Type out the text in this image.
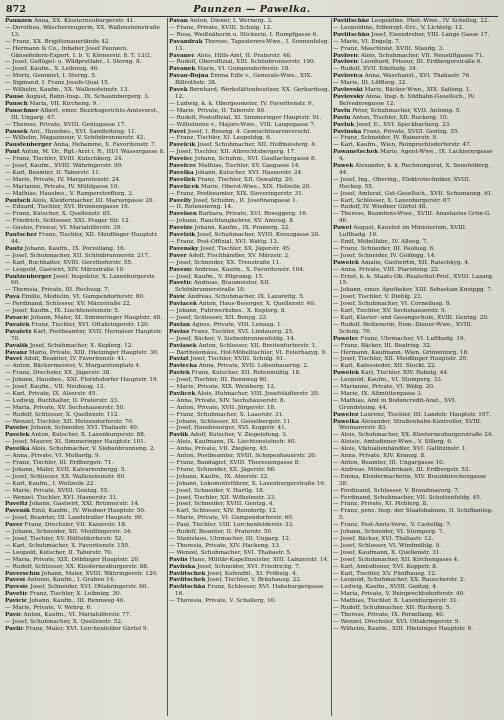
872	Paunzen — Pawelka.
Paunzen Anna, XX. Klosterneuburgerstr. 41.
— Dorothea, Wäscherzeugerin, XX. Wallensteinstraße 13.
— Franz, XX. Brigittenauerlände 42.
— Hermann & Co., Inhaber Josef Paunzen, Gänsefedern-Export, I. b. V. Körnerstr. 8. T. 13/2.
— Josef, Geflügel- u. Wildpretfabr., I. Sterng. 8.
— Josef, Kaufm., X. Leibnizg. 46.
— Moriz, Gemmist, I. Sterng. 5.
— Sigmund, I. Franz Josefs-Quai 15.
— Wilhelm, Kaufm., XX. Wallensteinstr. 13.
Pause August, Bahn-Insp., IX. Schaumburgerg. 3.
Pausch Maria, VII. Kircheng. 9.
Pauschner Albert, emer. Bezirksgerichts-Amtsvorst., III. Ungarg. 47.
— Therese, Private, XVIII. Gentzgasse 17.
Pausek Ant., Hausbes., XVI. Sandleiteng. 11.
— Wilhelm, Magazineur, V. Schönbrunnerstr. 42.
Paustenberger Anna, Hebamme, X. Favoritenstr. 7.
Paut Anton, M. Dr., Rgt.-Arzt i. R., III/1 Wassergasse 8.
— Franz, Tischler, XVIII. Kutschkerg. 24.
— Josef, Kaufm., XVIII. Währingerstr. 90.
— Karl, Beamter, II. Taborstr. 11.
— Marie, Private, IV. Margaretenstr. 24.
— Marianne, Private, IV. Mühlgasse 10.
— Mathias, Hausbes., V. Ramperstorfferg. 3.
Pautsch Alois, Kleidermacher, III. Marxergasse 20.
— Eduard, Tischler, XVI. Brunnengasse 16.
— Franz, Kutscher, X. Quellenstr. 85.
— Friedrich, Schlosser, XXI. Prager Str. 12.
— Gustav, Friseur, VI. Mariahilferstr. 39.
Pautscher Franz, Tischler, XII. Meidlinger Hauptstr. 44.
Pautz Johann, Kaufm., IX. Porzellang. 16.
— Josef, Schuhmacher, XII. Schönbrunnerstr. 217.
— Karl, Buchhalter, XVIII. Gersthoferstr. 55.
— Leopold, Gastwirt, XIV. Märzstraße 10.
Pautzenberger Josef, Inspektor, X. Laxenburgerstr. 60.
— Theresia, Private, III. Rochusg. 7.
Pava Emilie, Modistin, VI. Gumpendorferstr. 80.
— Ferdinand, Schlosser, XV. Märzstraße 22.
— Josef, Kaufm., IX. Liechtensteinstr. 5.
Pavacic Johann, Maler, XI. Simmeringer Hauptstr. 48.
Pavalek Franz, Tischler, XVI. Ottakringerstr. 120.
Pavaletz Karl, Postbeamter, XVII. Hernalser Hauptstr. 70.
Pavalik Josef, Schuhmacher, X. Keplerg. 12.
Pavanz Maria, Private, XIII. Hietzinger Hauptstr. 30.
Pavel Adolf, Beamter, IV. Favoritenstr. 41.
— Anton, Bäckermeister, V. Margaretenplatz 4.
— Franz, Drechsler, XX. Jägerstr. 38.
— Johann, Hausbes., XXI. Floridsdorfer Hauptstr. 19.
— Josef, Kaufm., VII. Neubaug. 12.
— Karl, Private, IX. Alserstr. 45.
— Ludwig, Buchhalter, II. Praterstr. 33.
— Maria, Private, XV. Sechshauserstr. 50.
— Rudolf, Schlosser, X. Quellenstr. 112.
— Wenzel, Tischler, XII. Hetzendorferstr. 70.
Pavelec Johann, Schneider, XVI. Thaliastr. 40.
Pavelek Anton, Kutscher, X. Laxenburgerstr. 88.
— Josef, Maurer, XI. Simmeringer Hauptstr. 101.
Pavelka Alois, Schuhmacher, V. Siebenbrunneng. 2.
— Anna, Private, VI. Mollardg. 9.
— Franz, Tischler, III. Erdbergstr. 71.
— Johann, Maler, XVII. Kalvarienbergg. 5.
— Josef, Schlosser, XX. Wallensteinstr. 60.
— Karl, Kaufm., I. Wollzeile 22.
— Marie, Private, XVIII. Gentzg. 55.
— Wenzel, Tischler, XVI. Hasnerstr. 31.
Paveltz Johann, Gastwirt, XXI. Brünnerstr. 14.
Pavenik Emil, Kaufm., IV. Wiedner Hauptstr. 50.
— Josef, Beamter, III. Landstraßer Hauptstr. 99.
Paver Franz, Drechsler, VII. Kaiserstr. 18.
— Johann, Schneider, XII. Meidlingerstr. 34.
— Josef, Tischler, XV. Hütteldorferstr. 52.
— Karl, Schuhmacher, X. Favoritenstr. 150.
— Leopold, Kutscher, II. Taborstr. 70.
— Maria, Private, XIX. Döblinger Hauptstr. 20.
— Rudolf, Schlosser, XX. Klosterneuburgerstr. 88.
Paverschin Johann, Maler, XVIII. Währingerstr. 120.
Pavesi Antonio, Kaufm., I. Graben 14.
Pavesic Josef, Schneider, XVI. Ottakringerstr. 60.
Pavetic Franz, Tischler, X. Leibnizg. 30.
Pavicic Johann, Kaufm., III. Rennweg 40.
— Marie, Private, V. Wehrg. 6.
Pavic Anton, Kaufm., VI. Mariahilferstr. 77.
— Josef, Schuhmacher, X. Quellenstr. 52.
Pavlic Franz, Maler, XVI. Lerchenfelder Gürtel 9.
Pavan Anton, Diener, I. Wernerg. 3.
— Franz, Private, XVIII. Schulg. 12.
— Rosa, Weißnäherin u. Stickerin, I. Rumpfgasse 6.
Pavandrak Therese, Tapezierers-Wwe., I. Sonnenfelsg. 13.
Pavanec Alois, Hilfs-Amt, II. Praterstr. 46.
— Rudolf, Oberoffizial, XIII. Schönbrunnerstr. 190.
Pavanek Marie, VI. Gumpendorferstr. 18.
Pavao-Bojna Emma Edle v., Generals-Wwe., XIX. Billrothstr. 38.
Pavek Bernhard, Werkstättenbesitzer, XX. Gerhardusg. 12.
— Ludwig, k. k. Obergeometer, IV. Favoritenstr. 9.
— Marie, Private, II. Taborstr. 80.
— Rudolf, Postoffizial, XI. Simmeringer Hauptstr. 91.
— Wilhelmine v., Majors-Wwe., VIII. Langegasse 7.
Pavel Josef, I. Roseng. 4. Gemischtwarenverschl.
— Franz, Tischler, XI. Leopoldsg. 6.
Pavelcik Josef, Schuhmacher, XII. Hoffmeisterg. 4.
— Josef, Tischler, XII. Albrechtsbergerg. 17.
Pavelec Johann, Schuhm., XVI. Gaullachergasse 8.
Pavelcec Mathias, Tischler, XV. Gasgasse 14.
Pavelka Johann, Kutscher, XVI. Hasnerstr. 24.
Pavellek Franz, Tischler, XII. Oswaldg. 20.
Pavelicek Marie, Oberst-Wwe., XIX. Hofzeile 20.
— Franz, Postbeamter, XIX. Sieveringerstr. 31.
Pavelly Josef, Schuhm., II. Josefinengasse 1.
— II. Rotensterng. 14.
Pavelsen Barbara, Private, XVI. Roseggerg. 16.
— Johann, Rauchfangkehrer, XV. Ameisg. 8.
Pavelze Johann, Kaufm., IX. Pramerg. 22.
Pavelzik Josef, Schuhmacher, XVIII. Kreuzgasse 20.
— Franz, Post-Offizial, XVI. Wattg. 12.
Pavensky Josef, Tischler, XX. Jägerstr. 45.
Paver Adolf, Fischhändler, XV. Märzstr. 2.
— Josef, Schneider, XX. Treustraße 11.
Pavesic Andreas, Kaufm., X. Favoritenstr. 104.
— Josef, Kaufm., V. Pilgramg. 15.
Pavetic Andreas, Braumeister, XII. Schönbrunnerstraße 10.
Pavic Andreas, Schuhmacher, IX. Lazarettg. 5.
Pavlacek Anton, Haus-Besorger, X. Quellenstr. 40.
— Johann, Fuhrwerksbes., X. Keplerg. 8.
— Josef, Schlosser, XII. Bonyg. 22.
Pavlan Agnes, Private, VIII. Lenaug. 1.
Pavlas Franz, Tischler, XVI. Lindauerg. 25.
— Josef, Bäcker, V. Siebenbrunnenfeldg. 14.
Pavlasek Anton, Schlosser, XII. Breitenfurterstr. 1.
— Bartholomäus, Hof-Möbeltischler, VI. Esterházyg. 9.
Pavlat Josef, Tischler, XVIII. Schulg. 61.
Pavlecka Anna, Private, XVII. Lobenhauerng. 2.
Pavlek Franz, Kutscher, XII. Rotenmühlg. 18.
— Josef, Tischler, III. Rennweg 80.
— Marie, Private, XIX. Weinberg. 12.
Pavlicek Alois, Hutmacher, VIII. Josefstädterstr. 20.
— Anna, Private, XIV. Sechshauserstr. 8.
— Anton, Private, XVII. Jörgerstr. 18.
— Franz, Schuhmacher, X. Laaerstr. 31.
— Johann, Schlosser, XI. Geiselbergstr. 11.
— Josef, Hausbesorger, XVI. Koppstr. 41.
Pavlik Adolf, Kutscher, V. Ziegelofeng. 3.
— Alois, Kaufmann, IX. Liechtensteinstr. 40.
— Anna, Private, VII. Zieglerg. 45.
— Anton, Postbeamter, XVIII. Schopenhauerstr. 20.
— Franz, Bandagist, XVIII. Theresiengasse 8.
— Franz, Schneider, XX. Jägerstr. 66.
— Johann, Kaufm., IX. Alserstr. 22.
— Johann, Lokomotivführer, X. Laxenburgerstraße 16.
— Josef, Schneider, V. Hartlg. 18.
— Josef, Tischler, XII. Wilhelmstr. 33.
— Josef, Schneider, XVIII. Gentzg. 4.
— Karl, Schlosser, XIV. Reindorfg. 12.
— Marie, Private, VI. Gumpendorferstr. 60.
— Paul, Tischler, VIII. Lerchenfelderstr. 33.
— Rudolf, Beamter, II. Praterstr. 50.
— Stanislaus, Uhrmacher, III. Ungarg. 12.
— Theresia, Private, XIV. Hackeng. 13.
— Wenzel, Schuhmacher, XVI. Thaliastr. 5.
Pavlis Hans, Militär-Kapellmeister, XIII. Lainzerstr. 14.
Pavliska Josef, Schneider, XVI. Friedrichg. 7.
Pavlitschek Josef, Kofendhl., XI. Fröbelg. 4.
Pavlitschek Josef, Tischler, V. Bräuhausg. 22.
Pavlitschka Franz, Schlosser, XVI. Habsburgergasse 16.
— Theresia, Private, V. Schallerg. 10.
Pavlitschke Leopoldine, Phot.-Wwe., IV. Schelleg. 22.
— Leopoldine, Edlenvpt.-Erz., V. Lichtelg. 12.
Pavlitschko Josef, Eisendreher, VIII. Lange Gasse 17.
— Marie, VI. Engelg. 7.
— Franz, Maschinist, XVIII. Staudg. 3.
Pavlovic Alois, Schuhmacher, VII. Neustiftgasse 71.
Pavlovic Leonhard, Friseur, III. Erdbergerstraße 6.
— Rudolf, XVII. Edelhofg. 34.
Pavlovica Anna, Waschanst., XVI. Thaliastr. 76.
— Marie, III. Löfflerg. 32.
Pavlovski Marie, Bäcker-Wwe., XIX. Saileng. 1.
Pavlovsky Anna, Insp. b. Südbahn-Gesellsch., IV. Belvederegasse 12.
Pavlu Peter, Schuhmacher, XVII. Antonig. 5.
Pavlu Anton, Tischler, XII. Ruckerg. 10.
Pavluk Josef, E., XVI. Speckbacherg. 23.
Pavluska Franz, Private, XVIII. Gentzg. 55.
— Franz, Schneider, IV. Rainerstr. 9.
— Karl, Kaufm., Wien, Reinprechtsdorferstr. 47.
Pawanetschek Marie, Agent-Wwe., IX. Lackierergasse 4.
Pawek Alexander, k. k. Rechnungsrat, X. Senefelderg. 44.
— Josef, Ing., Obering., Elektrotechniker, XVIII. Hockeg. 55.
— Josef, Amtsrat, Gut-Gesellsch., XVII. Schumanng. 61.
— Karl, Schlosser, X. Laxenburgerstr. 67.
— Rudolf, IV. Wiedner Gürtel 48.
— Therese, Beamtens-Wwe., XVIII. Anastasius Grün-G. 46.
Pawel August, Kanzlist im Ministerium, XVIII. Luftbadg. 19.
— Emil, Möbelfabr., IV. Alleeg. 7.
— Franz, Schneider, III. Paulusg. 6.
— Josef, Schneider, IV. Goldegg. 14.
Pawelek Amalie, Gastwirtin, XII. Ratschkyg. 4.
— Anna, Private, VIII. Piaristeng. 22.
— Ernst, k. k. Staats-Ob.-Realschul-Prof., XVIII. Lazarg. 15.
— Johann, emer. Apotheker, XIII. Sebastian Kneippg. 7.
— Josef, Tischler, V. Diehlg. 23.
— Josef, Schuhmacher, VI. Corneliusg. 8.
— Karl, Tischler, XV. Sechshauserstr. 9.
— Karl, Klavier- und Gesangschule, XVIII. Gentzg. 20.
— Rudolf, Bedienerin, Dom.-Diener-Wwe., XVIII. Schulg. 76.
Pawelec Franz, Uhrmacher, VI. Luftbadg. 19.
— Franz, Bäcker, III. Beatrixg. 32.
— Hermann, Kaufmann, Wien, Grünentorg. 18.
— Josef, Tischler, XII. Meidlinger Hauptstr. 20.
— Karl, Kafeesieder, XII. Stockl. 22.
Pawelek Karl, Tischler, XIV. Robolg. 44.
— Leopold, Kaufm., VI. Stumperg. 33.
— Marianne, Private, VI. Webg. 20.
— Marie, IX. Altmüttergasse 3.
— Mathias, Amt in Bodencredit-Anst., XVI. Grundsteing. 44.
Pawelez Laurenz, Tischler, III. Landstr. Hauptstr. 107.
Pawelka Alexander, Straßenbahn-Kontrollor, XVIII. Weimarerstr. 83.
— Alois, Schuhmacher, XX. Klosterneuburgerstraße 24.
— Aloisie, Amtsdiener-Wwe., V. Sillerg. 6.
— Alois, Viktualienhändler, XVI. Gallitzinstr. 1.
— Anna, Private, XIV. Kranzg. 8.
— Anton, Beamter, III. Ungargasse 10.
— Andreas, Möbelfabrikant, III. Erdbergstr. 53.
— Emma, Kleidermacherin, XIV. Braunhirschengasse 38.
— Ferdinand, Schlosser, V. Brandmayerg. 7.
— Ferdinand, Schuhmacher, VII. Schottenfeldg. 45.
— Franz, Private, XI. Pichlerg. 8.
— Franz, pens. Insp. der Staatsbahnen, II. Schiffamtsg. 5.
— Franz, Post-Amts-Verw., V. Castellig. 7.
— Johann, Schneider, VI. Stumperg. 7.
— Josef, Bäcker, XVI. Thaliastr. 12.
— Josef, Schlosser, VI. Windmühlg. 9.
— Josef, Kaufmann, X. Quellenstr. 31.
— Josef, Schuhmacher, XII. Kirchengasse 4.
— Karl, Amtsdiener, XVI. Koppstr. 8.
— Karl, Tischler, XV. Fünfhausg. 12.
— Leopold, Schuhmacher, XX. Rauscherstr. 2.
— Ludwig, Kaufm., XVIII. Gentzg. 4.
— Maria, Private, V. Reinprechtsdorferstr. 40.
— Mathias, Tischler, X. Laxenburgerstr. 31.
— Rudolf, Schuhmacher, XII. Ruckerg. 5.
— Therese, Private, IX. Porzellang. 40.
— Wenzel, Drechsler, XVI. Ottakringerstr. 9.
— Wilhelm, Kaufm., XIII. Hietzinger Hauptstr. 6.
